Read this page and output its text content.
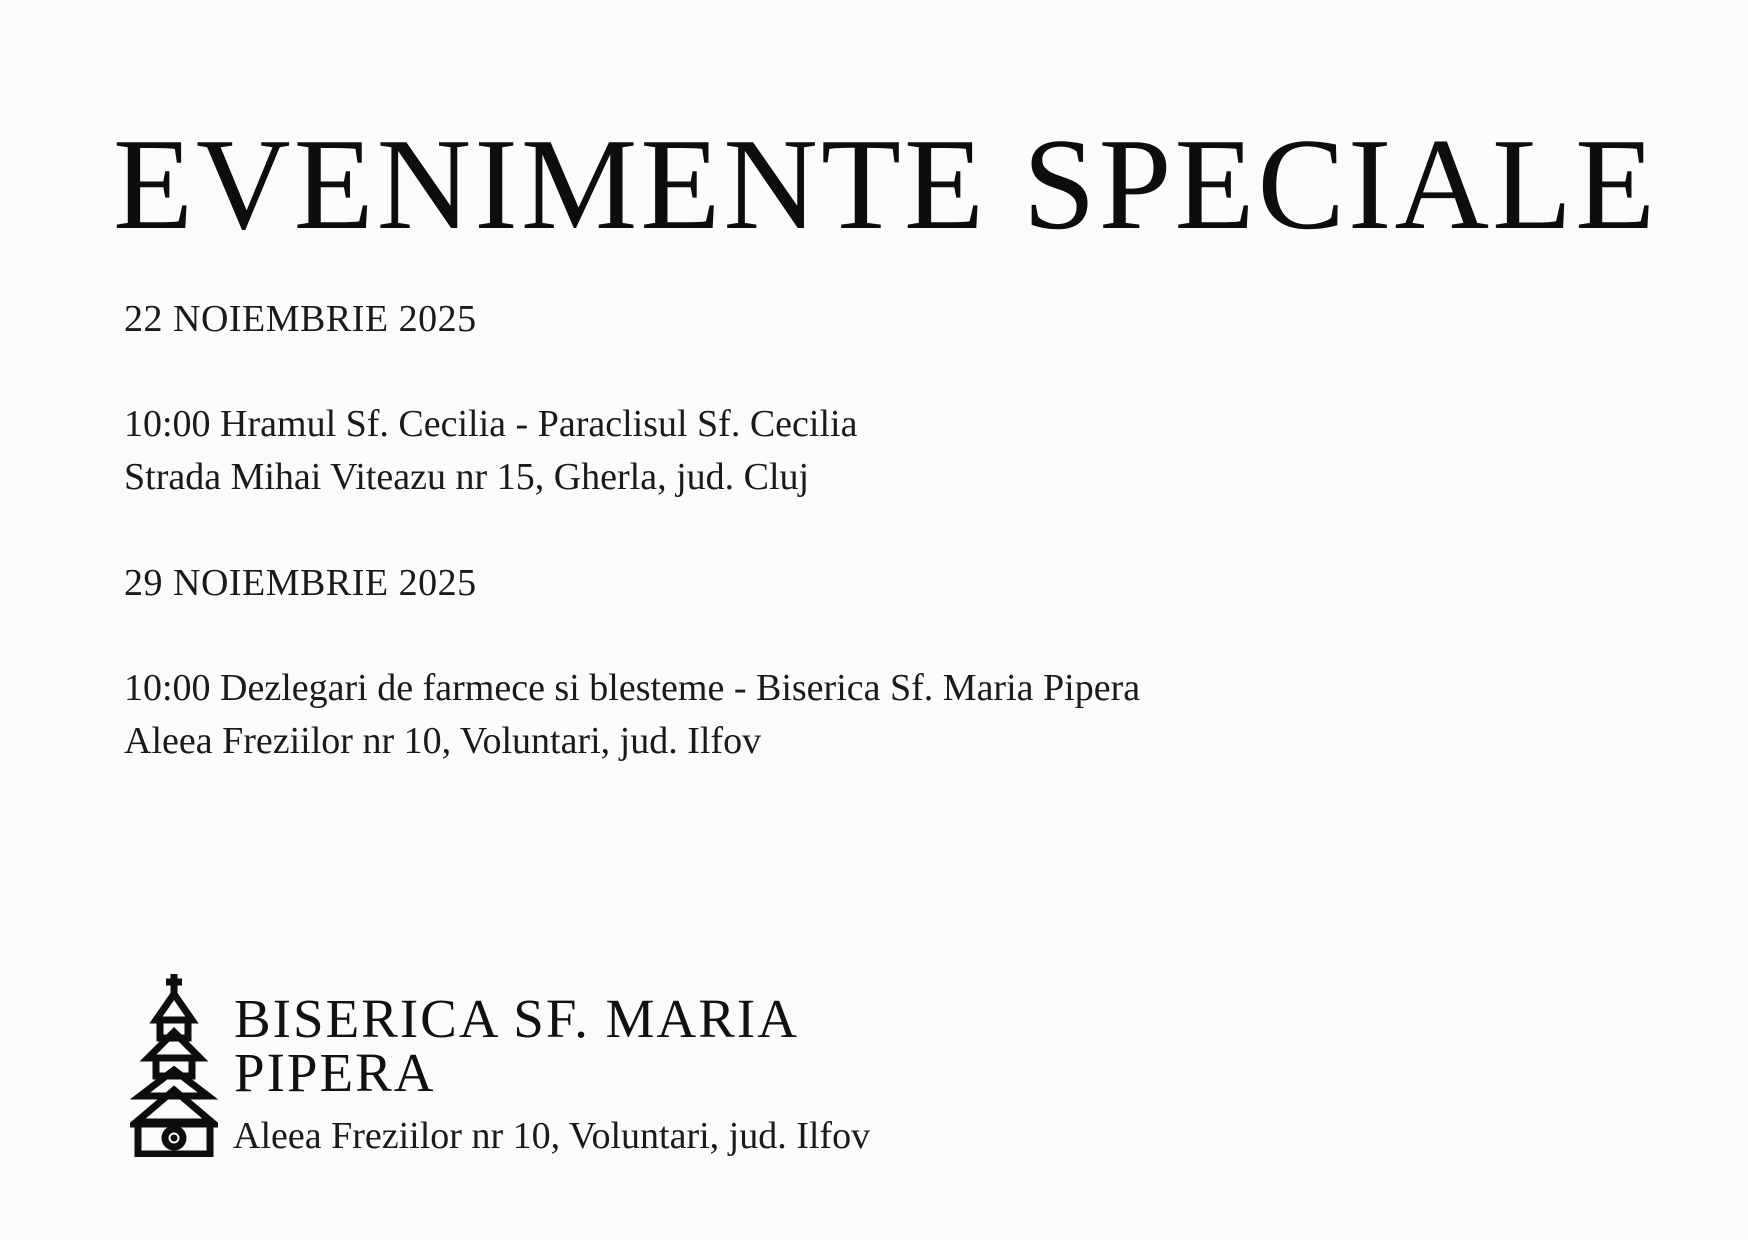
EVENIMENTE SPECIALE
22 NOIEMBRIE 2025
10:00 Hramul Sf. Cecilia - Paraclisul Sf. Cecilia
Strada Mihai Viteazu nr 15, Gherla, jud. Cluj
29 NOIEMBRIE 2025
10:00 Dezlegari de farmece si blesteme - Biserica Sf. Maria Pipera
Aleea Freziilor nr 10, Voluntari, jud. Ilfov
BISERICA SF. MARIA
PIPERA
Aleea Freziilor nr 10, Voluntari, jud. Ilfov
